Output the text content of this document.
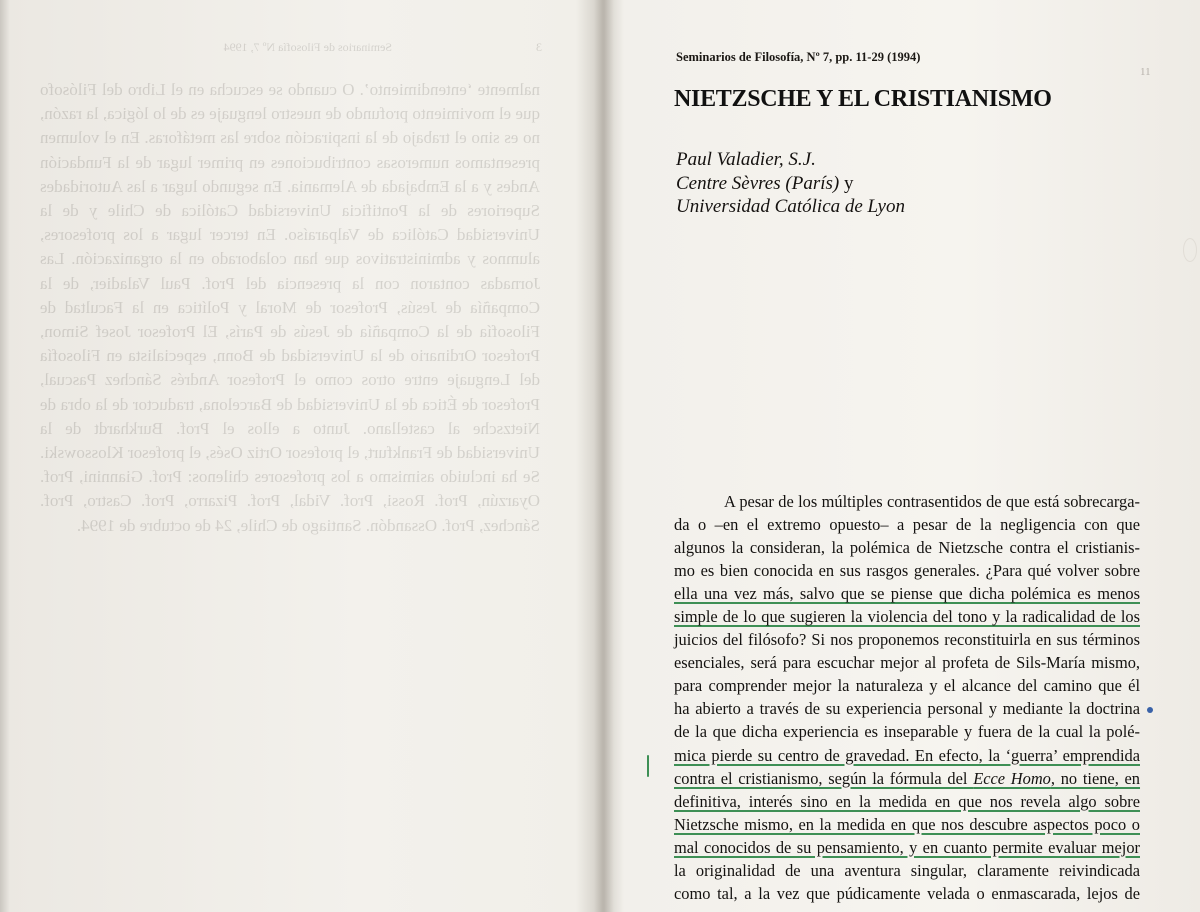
3                                                Seminarios de Filosofía Nº 7, 1994
nalmente ‘entendimiento’. O cuando se escucha en el Libro del Filósofo que el movimiento profundo de nuestro lenguaje es de lo lógica, la razón, no es sino el trabajo de la inspiración sobre las metáforas. En el volumen presentamos numerosas contribuciones en primer lugar de la Fundación Andes y a la Embajada de Alemania. En segundo lugar a las Autoridades Superiores de la Pontificia Universidad Católica de Chile y de la Universidad Católica de Valparaíso. En tercer lugar a los profesores, alumnos y administrativos que han colaborado en la organización. Las Jornadas contaron con la presencia del Prof. Paul Valadier, de la Compañía de Jesús, Profesor de Moral y Política en la Facultad de Filosofía de la Compañía de Jesús de París, El Profesor Josef Simon, Profesor Ordinario de la Universidad de Bonn, especialista en Filosofía del Lenguaje entre otros como el Profesor Andrés Sánchez Pascual, Profesor de Ética de la Universidad de Barcelona, traductor de la obra de Nietzsche al castellano. Junto a ellos el Prof. Burkhardt de la Universidad de Frankfurt, el profesor Ortiz Osés, el profesor Klossowski. Se ha incluido asimismo a los profesores chilenos: Prof. Giannini, Prof. Oyarzún, Prof. Rossi, Prof. Vidal, Prof. Pizarro, Prof. Castro, Prof. Sánchez, Prof. Ossandón. Santiago de Chile, 24 de octubre de 1994.
Seminarios de Filosofía, Nº 7, pp. 11-29 (1994)
11
NIETZSCHE Y EL CRISTIANISMO
Paul Valadier, S.J.
Centre Sèvres (París) y
Universidad Católica de Lyon
A pesar de los múltiples contrasentidos de que está sobrecarga-
da o –en el extremo opuesto– a pesar de la negligencia con que
algunos la consideran, la polémica de Nietzsche contra el cristianis-
mo es bien conocida en sus rasgos generales. ¿Para qué volver sobre
ella una vez más, salvo que se piense que dicha polémica es menos
simple de lo que sugieren la violencia del tono y la radicalidad de los
juicios del filósofo? Si nos proponemos reconstituirla en sus términos
esenciales, será para escuchar mejor al profeta de Sils-María mismo,
para comprender mejor la naturaleza y el alcance del camino que él
ha abierto a través de su experiencia personal y mediante la doctrina
de la que dicha experiencia es inseparable y fuera de la cual la polé-
mica pierde su centro de gravedad. En efecto, la ‘guerra’ emprendida
contra el cristianismo, según la fórmula del Ecce Homo, no tiene, en
definitiva, interés sino en la medida en que nos revela algo sobre
Nietzsche mismo, en la medida en que nos descubre aspectos poco o
mal conocidos de su pensamiento, y en cuanto permite evaluar mejor
la originalidad de una aventura singular, claramente reivindicada
como tal, a la vez que púdicamente velada o enmascarada, lejos de
